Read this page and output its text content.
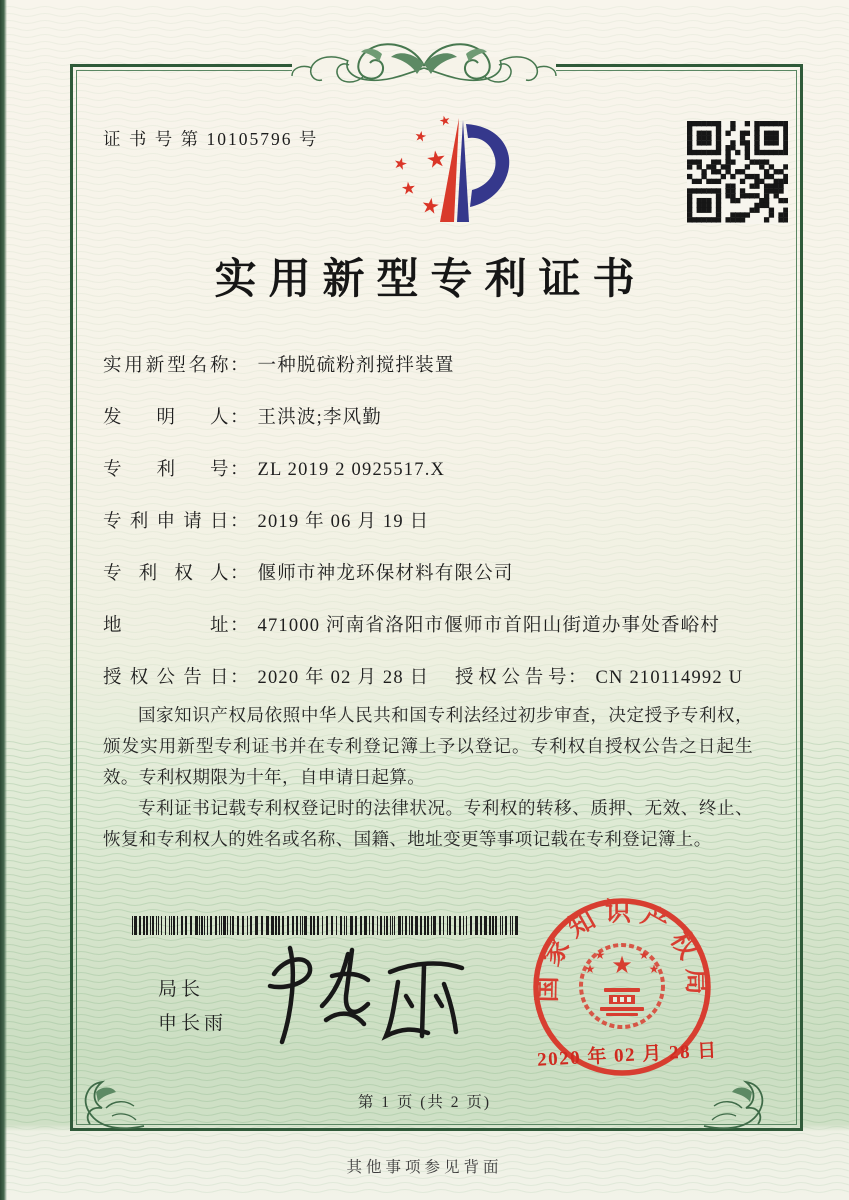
证 书 号 第 10105796 号
★
★
★
★
★
★
实用新型专利证书
实用新型名称 ： 一种脱硫粉剂搅拌装置
发明人 ： 王洪波;李风勤
专利号 ： ZL 2019 2 0925517.X
专利申请日 ： 2019 年 06 月 19 日
专利权人 ： 偃师市神龙环保材料有限公司
地址 ： 471000 河南省洛阳市偃师市首阳山街道办事处香峪村
授权公告日 ： 2020 年 02 月 28 日 授权公告号 ： CN 210114992 U

国家知识产权局依照中华人民共和国专利法经过初步审查，决定授予专利权，颁发实用新型专利证书并在专利登记簿上予以登记。专利权自授权公告之日起生效。专利权期限为十年，自申请日起算。

专利证书记载专利权登记时的法律状况。专利权的转移、质押、无效、终止、恢复和专利权人的姓名或名称、国籍、地址变更等事项记载在专利登记簿上。

局长
申长雨
国家知识产权局
★
★	★
★	★
2020 年 02 月 28 日
第 1 页 (共 2 页)
其他事项参见背面
